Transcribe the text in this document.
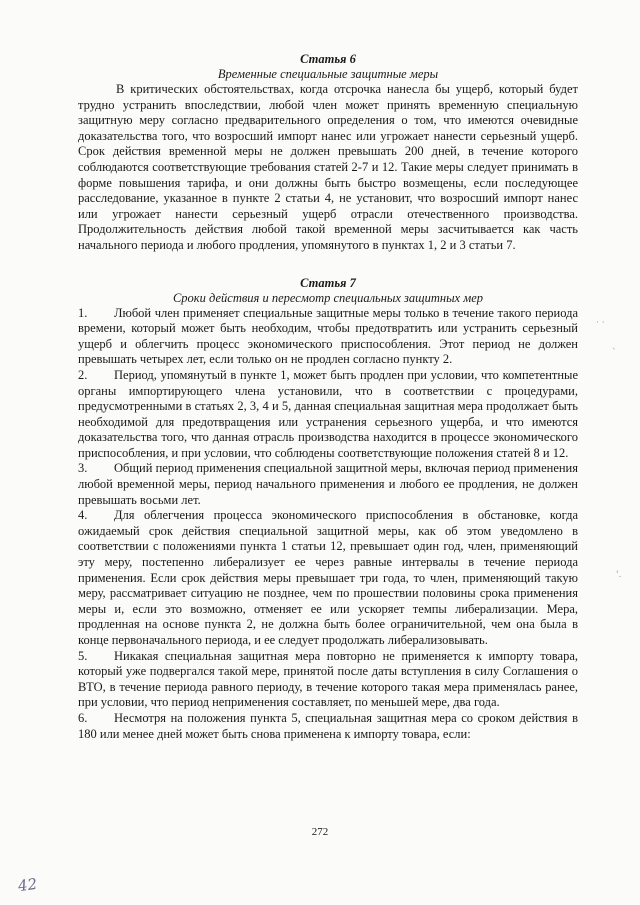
Статья 6
Временные специальные защитные меры

В критических обстоятельствах, когда отсрочка нанесла бы ущерб, который будет трудно устранить впоследствии, любой член может принять временную специальную защитную меру согласно предварительного определения о том, что имеются очевидные доказательства того, что возросший импорт нанес или угрожает нанести серьезный ущерб. Срок действия временной меры не должен превышать 200 дней, в течение которого соблюдаются соответствующие требования статей 2-7 и 12. Такие меры следует принимать в форме повышения тарифа, и они должны быть быстро возмещены, если последующее расследование, указанное в пункте 2 статьи 4, не установит, что возросший импорт нанес или угрожает нанести серьезный ущерб отрасли отечественного производства. Продолжительность действия любой такой временной меры засчитывается как часть начального периода и любого продления, упомянутого в пунктах 1, 2 и 3 статьи 7.

Статья 7
Сроки действия и пересмотр специальных защитных мер

1. Любой член применяет специальные защитные меры только в течение такого периода времени, который может быть необходим, чтобы предотвратить или устранить серьезный ущерб и облегчить процесс экономического приспособления. Этот период не должен превышать четырех лет, если только он не продлен согласно пункту 2.

2. Период, упомянутый в пункте 1, может быть продлен при условии, что компетентные органы импортирующего члена установили, что в соответствии с процедурами, предусмотренными в статьях 2, 3, 4 и 5, данная специальная защитная мера продолжает быть необходимой для предотвращения или устранения серьезного ущерба, и что имеются доказательства того, что данная отрасль производства находится в процессе экономического приспособления, и при условии, что соблюдены соответствующие положения статей 8 и 12.

3. Общий период применения специальной защитной меры, включая период применения любой временной меры, период начального применения и любого ее продления, не должен превышать восьми лет.

4. Для облегчения процесса экономического приспособления в обстановке, когда ожидаемый срок действия специальной защитной меры, как об этом уведомлено в соответствии с положениями пункта 1 статьи 12, превышает один год, член, применяющий эту меру, постепенно либерализует ее через равные интервалы в течение периода применения. Если срок действия меры превышает три года, то член, применяющий такую меру, рассматривает ситуацию не позднее, чем по прошествии половины срока применения меры и, если это возможно, отменяет ее или ускоряет темпы либерализации. Мера, продленная на основе пункта 2, не должна быть более ограничительной, чем она была в конце первоначального периода, и ее следует продолжать либерализовывать.

5. Никакая специальная защитная мера повторно не применяется к импорту товара, который уже подвергался такой мере, принятой после даты вступления в силу Соглашения о ВТО, в течение периода равного периоду, в течение которого такая мера применялась ранее, при условии, что период неприменения составляет, по меньшей мере, два года.

6. Несмотря на положения пункта 5, специальная защитная мера со сроком действия в 180 или менее дней может быть снова применена к импорту товара, если:

· ·
`
'.
272
42
